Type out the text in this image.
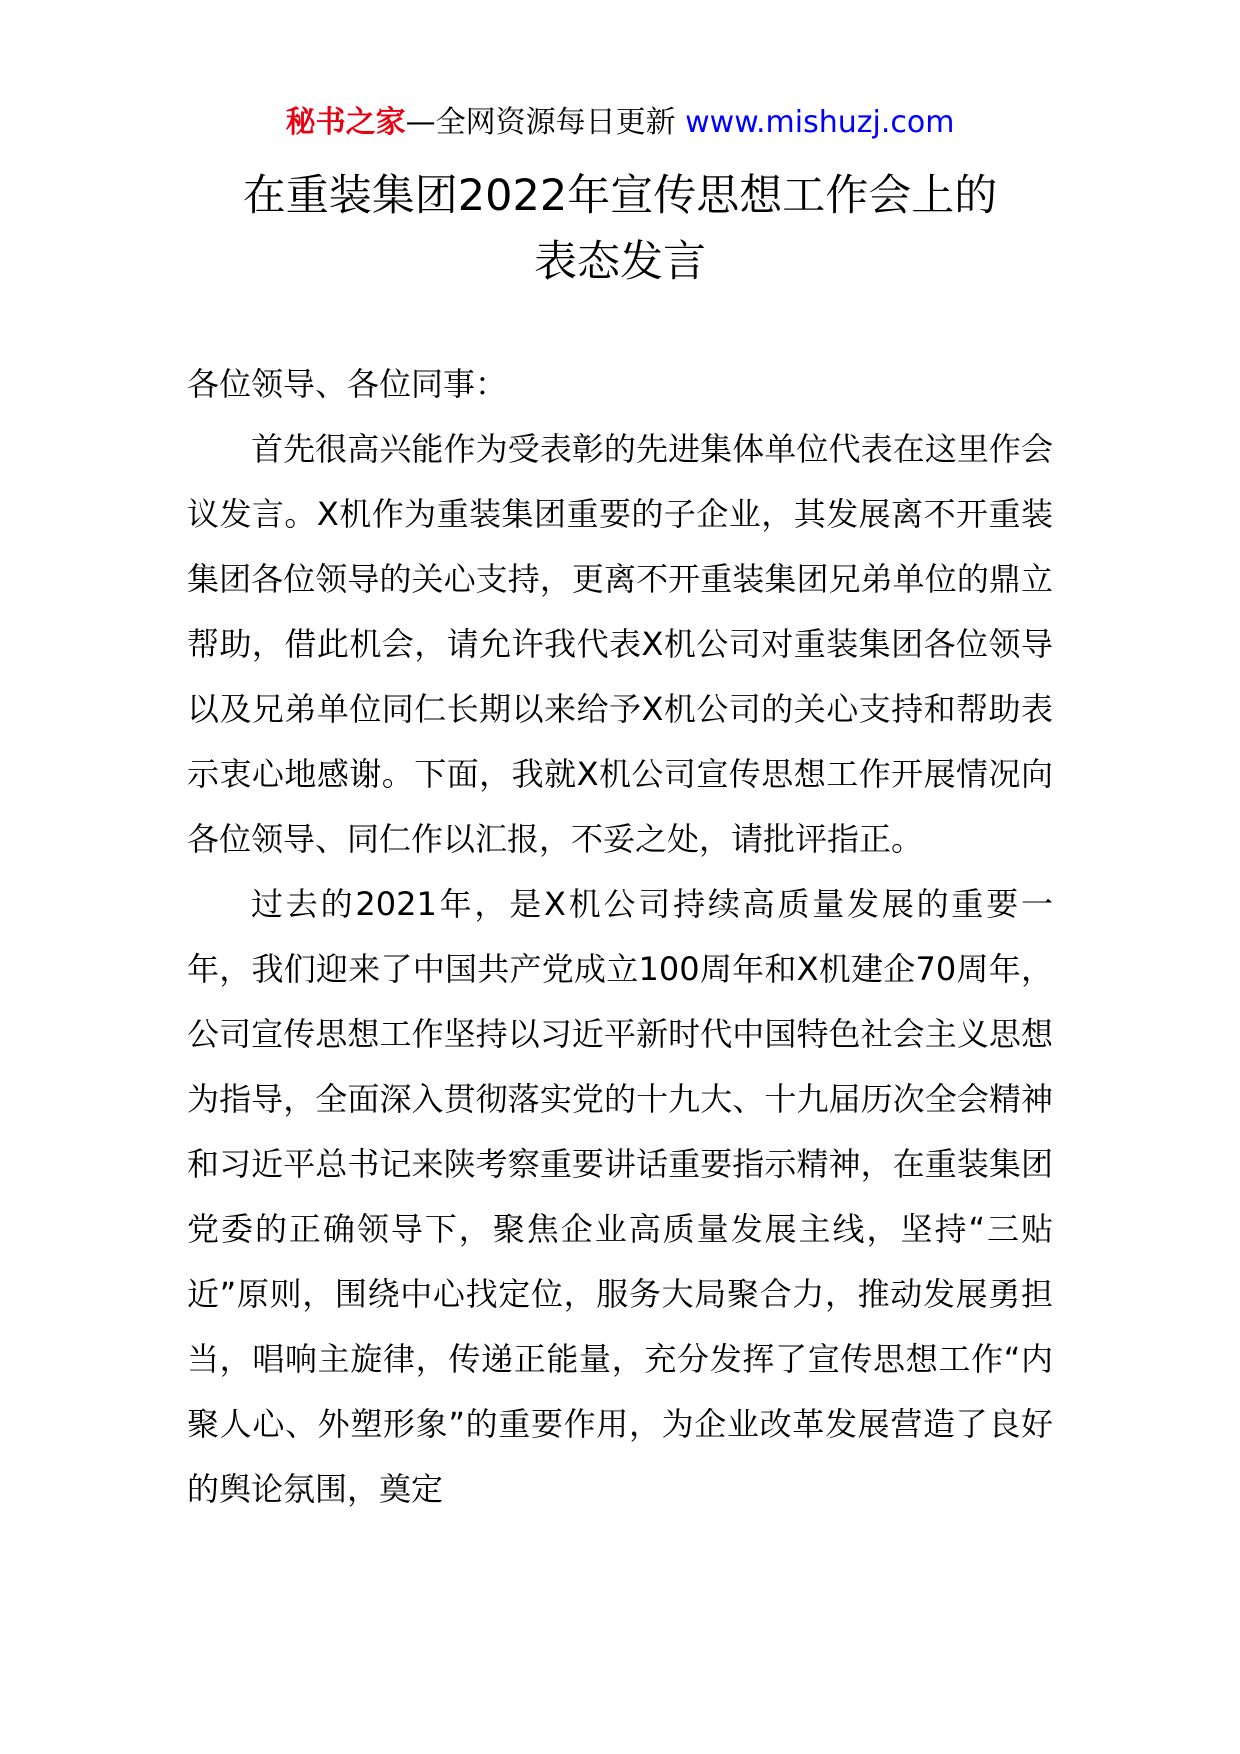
秘书之家—全网资源每日更新 www.mishuzj.com
在重装集团2022年宣传思想工作会上的
表态发言

各位领导、各位同事：

首先很高兴能作为受表彰的先进集体单位代表在这里作会议发言。X机作为重装集团重要的子企业，其发展离不开重装集团各位领导的关心支持，更离不开重装集团兄弟单位的鼎立帮助，借此机会，请允许我代表X机公司对重装集团各位领导以及兄弟单位同仁长期以来给予X机公司的关心支持和帮助表示衷心地感谢。下面，我就X机公司宣传思想工作开展情况向各位领导、同仁作以汇报，不妥之处，请批评指正。

过去的2021年，是X机公司持续高质量发展的重要一年，我们迎来了中国共产党成立100周年和X机建企70周年，公司宣传思想工作坚持以习近平新时代中国特色社会主义思想为指导，全面深入贯彻落实党的十九大、十九届历次全会精神和习近平总书记来陕考察重要讲话重要指示精神，在重装集团党委的正确领导下，聚焦企业高质量发展主线，坚持“三贴近”原则，围绕中心找定位，服务大局聚合力，推动发展勇担当，唱响主旋律，传递正能量，充分发挥了宣传思想工作“内聚人心、外塑形象”的重要作用，为企业改革发展营造了良好的舆论氛围，奠定
